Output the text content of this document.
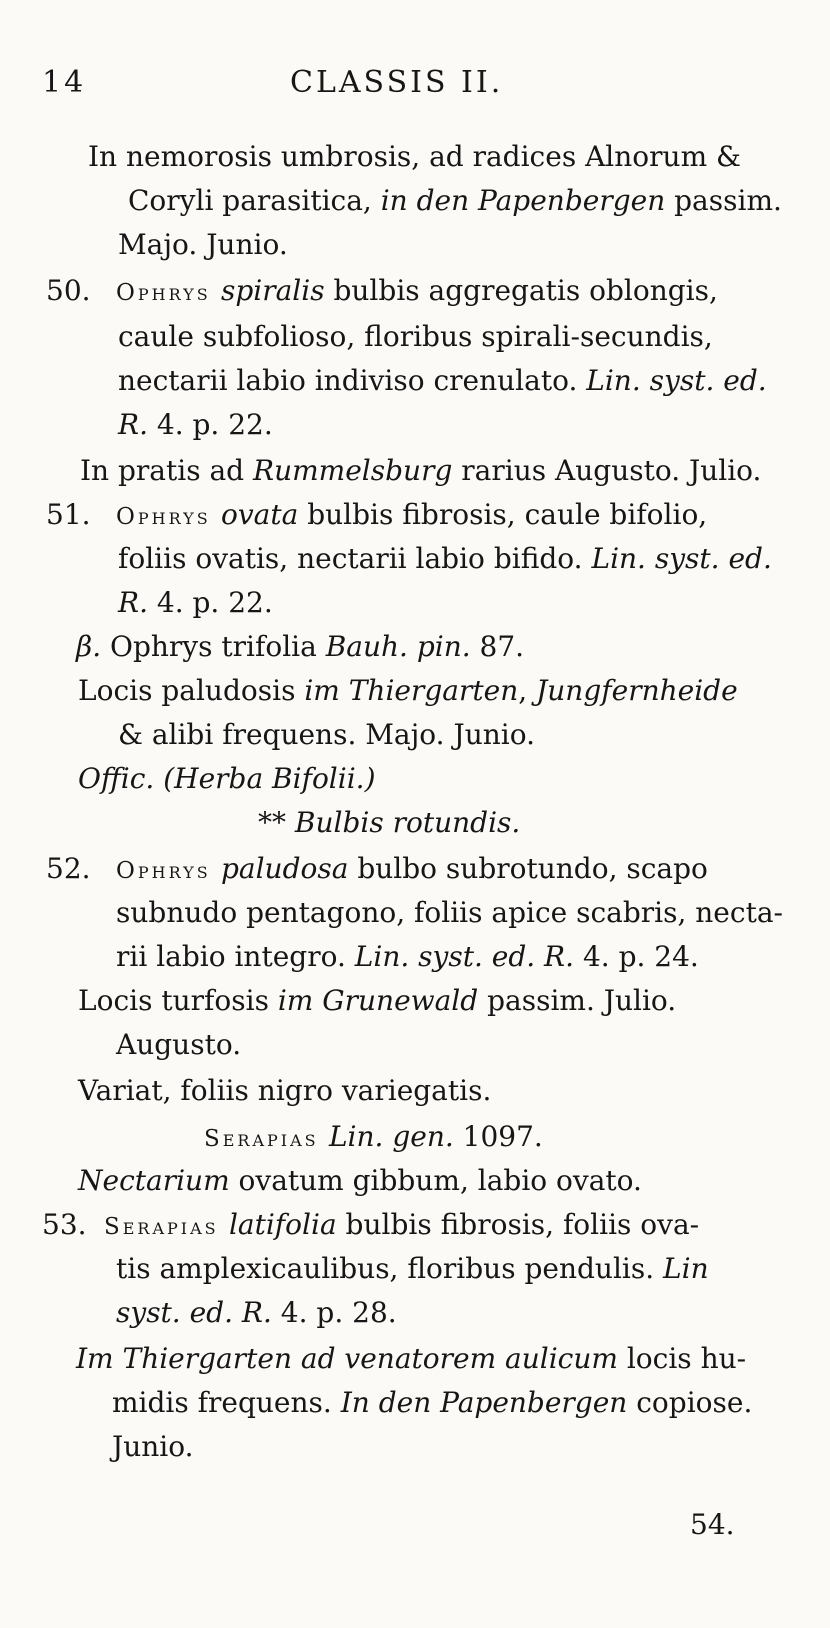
14	CLASSIS II.
In nemorosis umbrosis, ad radices Alnorum &
Coryli parasitica, in den Papenbergen passim.
Majo. Junio.
50. Ophrys spiralis bulbis aggregatis oblongis,
caule subfolioso, floribus spirali-secundis,
nectarii labio indiviso crenulato. Lin. syst. ed.
R. 4. p. 22.
In pratis ad Rummelsburg rarius Augusto. Julio.
51. Ophrys ovata bulbis fibrosis, caule bifolio,
foliis ovatis, nectarii labio bifido. Lin. syst. ed.
R. 4. p. 22.
β. Ophrys trifolia Bauh. pin. 87.
Locis paludosis im Thiergarten, Jungfernheide
& alibi frequens. Majo. Junio.
Offic. (Herba Bifolii.)
** Bulbis rotundis.
52. Ophrys paludosa bulbo subrotundo, scapo
subnudo pentagono, foliis apice scabris, necta-
rii labio integro. Lin. syst. ed. R. 4. p. 24.
Locis turfosis im Grunewald passim. Julio.
Augusto.
Variat, foliis nigro variegatis.
Serapias Lin. gen. 1097.
Nectarium ovatum gibbum, labio ovato.
53. Serapias latifolia bulbis fibrosis, foliis ova-
tis amplexicaulibus, floribus pendulis. Lin
syst. ed. R. 4. p. 28.
Im Thiergarten ad venatorem aulicum locis hu-
midis frequens. In den Papenbergen copiose.
Junio.
54.
